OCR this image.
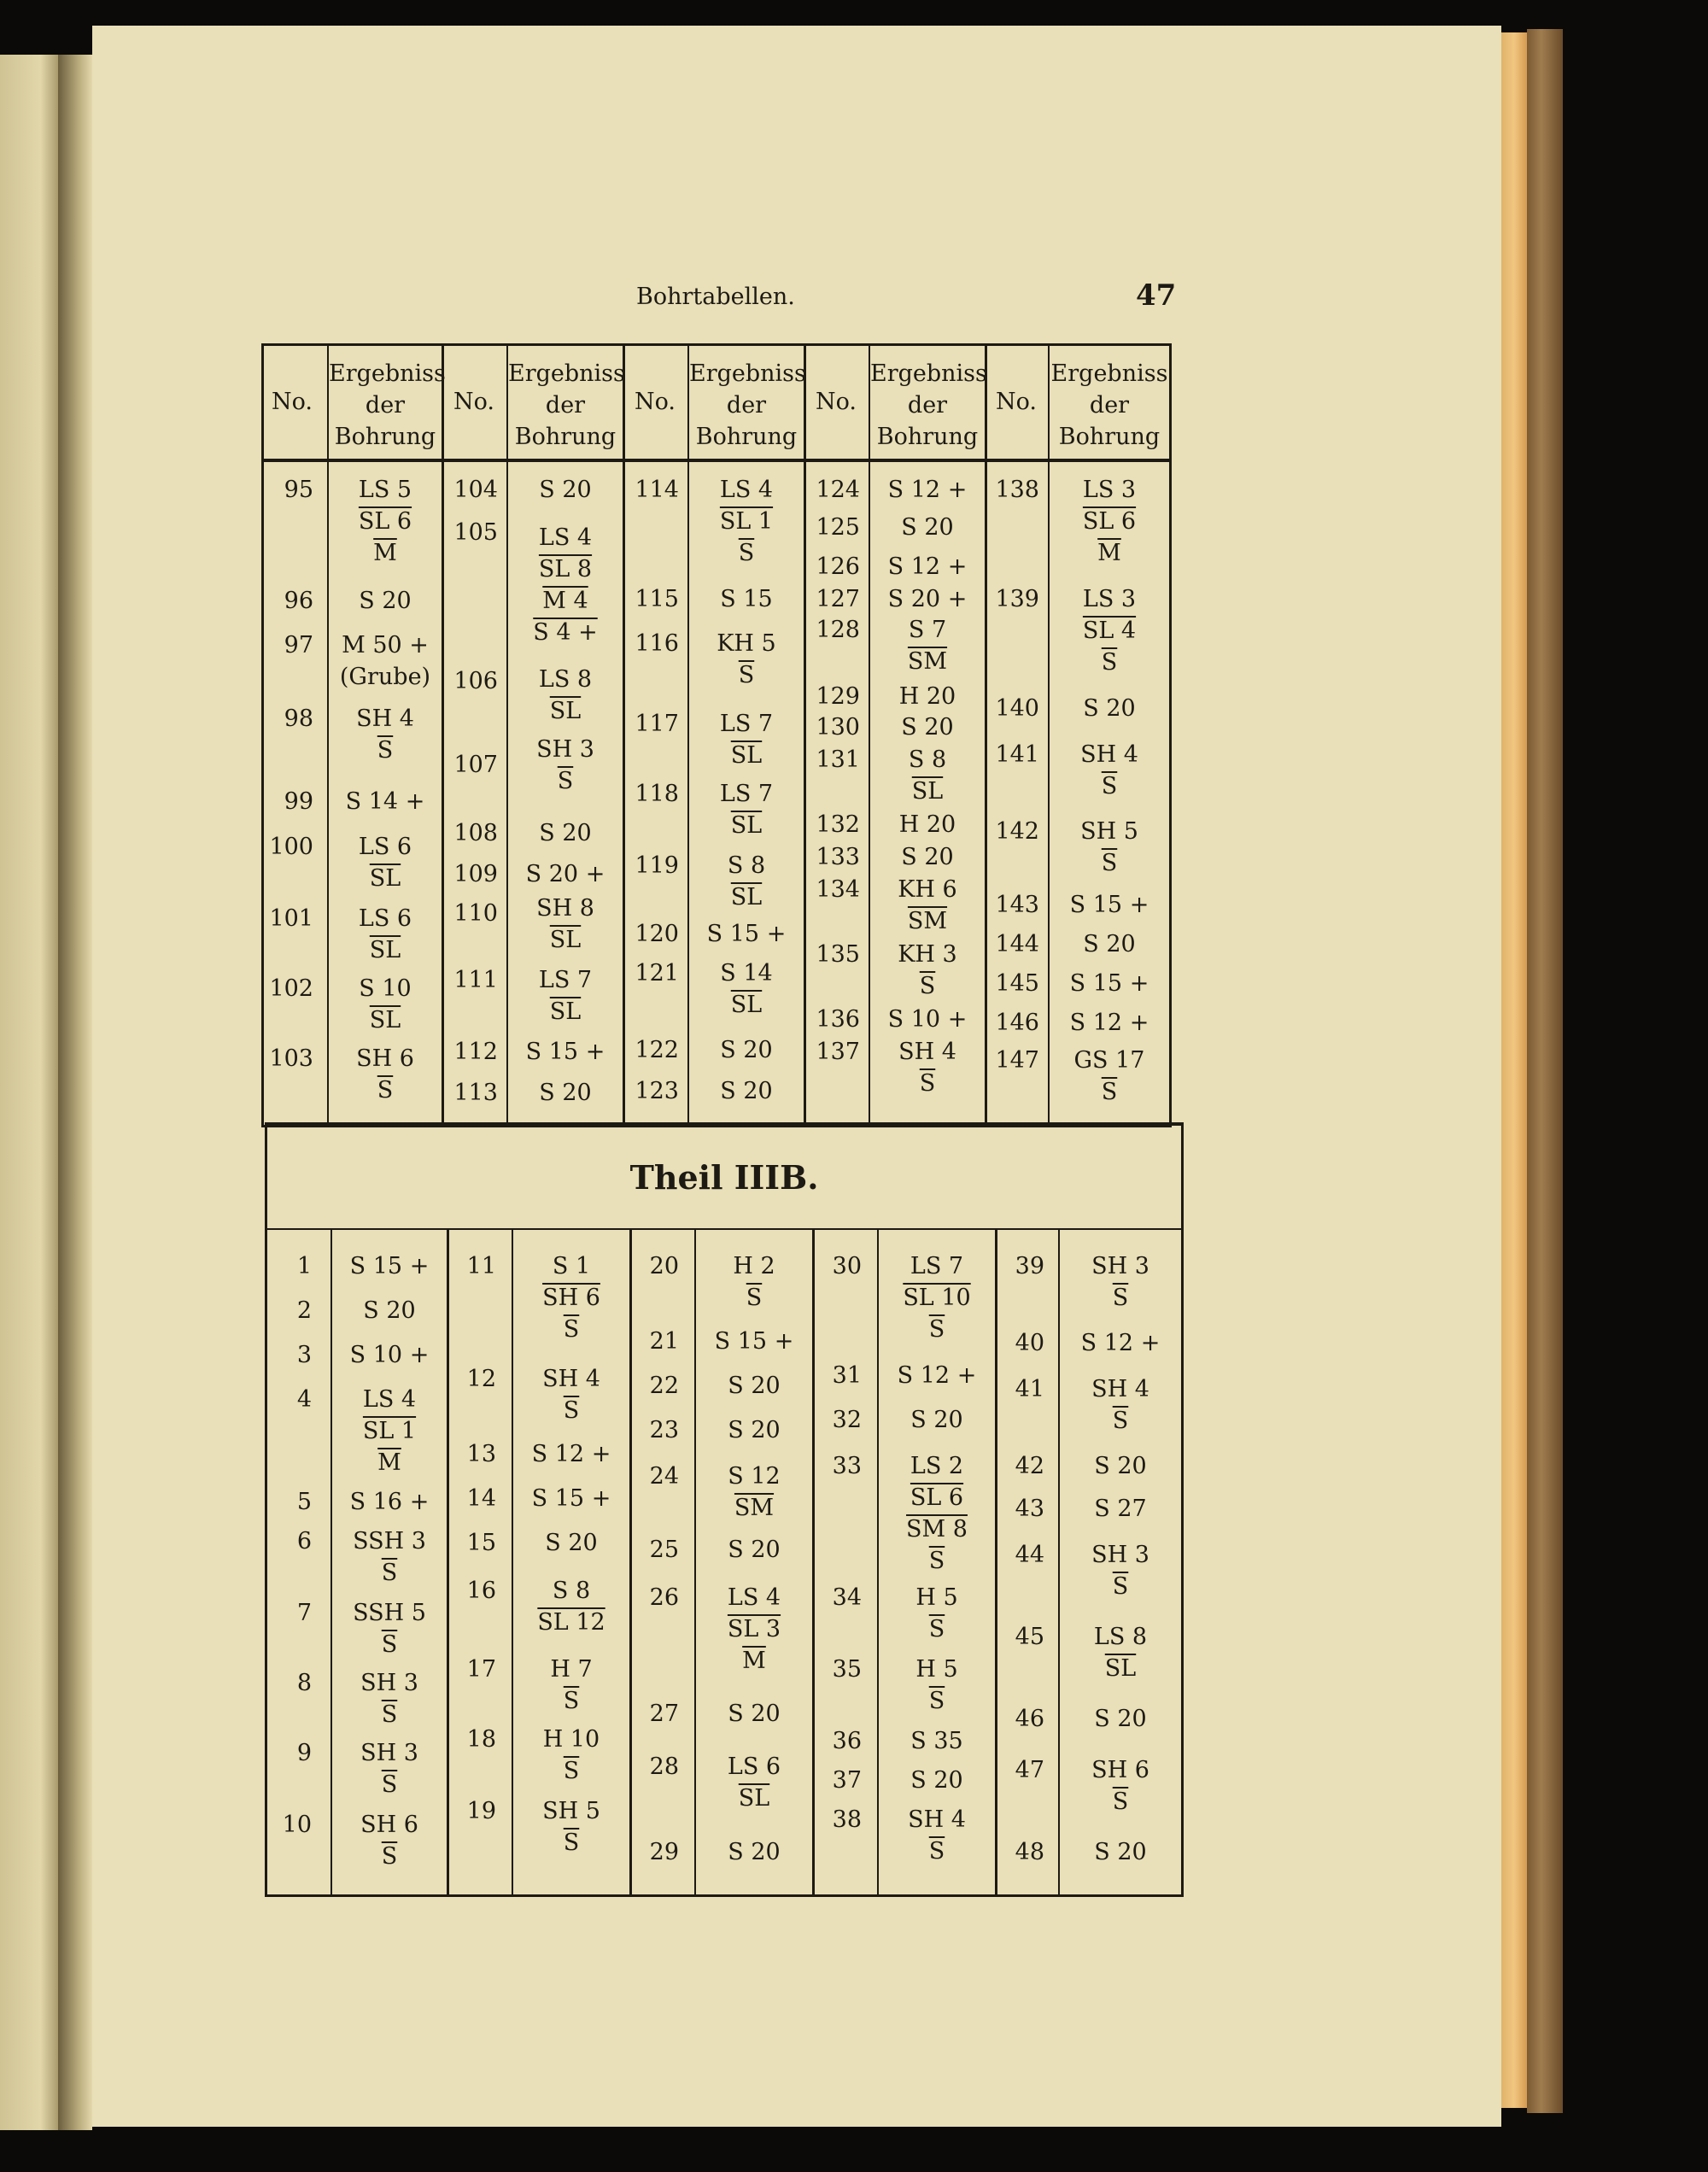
Bohrtabellen.	47
No.
Ergebniss
der
Bohrung
No.
Ergebniss
der
Bohrung
No.
Ergebniss
der
Bohrung
No.
Ergebniss
der
Bohrung
No.
Ergebniss
der
Bohrung
95
96
97
98
99
100
101
102
103
LS 5
SL 6
$\overline{M}$
S 20
M 50 +
(Grube)
SH 4
$\overline{S}$
S 14 +
LS 6
$\overline{SL}$
LS 6
$\overline{SL}$
S 10
$\overline{SL}$
SH 6
$\overline{S}$
104
105
106
107
108
109
110
111
112
113
S 20
LS 4
SL 8
M 4
S 4 +
LS 8
$\overline{SL}$
SH 3
$\overline{S}$
S 20
S 20 +
SH 8
$\overline{SL}$
LS 7
$\overline{SL}$
S 15 +
S 20
114
115
116
117
118
119
120
121
122
123
LS 4
SL 1
$\overline{S}$
S 15
KH 5
$\overline{S}$
LS 7
$\overline{SL}$
LS 7
$\overline{SL}$
S 8
$\overline{SL}$
S 15 +
S 14
$\overline{SL}$
S 20
S 20
124
125
126
127
128
129
130
131
132
133
134
135
136
137
S 12 +
S 20
S 12 +
S 20 +
S 7
$\overline{SM}$
H 20
S 20
S 8
$\overline{SL}$
H 20
S 20
KH 6
$\overline{SM}$
KH 3
$\overline{S}$
S 10 +
SH 4
$\overline{S}$
138
139
140
141
142
143
144
145
146
147
LS 3
SL 6
$\overline{M}$
LS 3
SL 4
$\overline{S}$
S 20
SH 4
$\overline{S}$
SH 5
$\overline{S}$
S 15 +
S 20
S 15 +
S 12 +
GS 17
$\overline{S}$
Theil IIIB.
1
2
3
4
5
6
7
8
9
10
S 15 +
S 20
S 10 +
LS 4
SL 1
$\overline{M}$
S 16 +
SSH 3
$\overline{S}$
SSH 5
$\overline{S}$
SH 3
$\overline{S}$
SH 3
$\overline{S}$
SH 6
$\overline{S}$
11
12
13
14
15
16
17
18
19
S 1
SH 6
$\overline{S}$
SH 4
$\overline{S}$
S 12 +
S 15 +
S 20
S 8
SL 12
H 7
$\overline{S}$
H 10
$\overline{S}$
SH 5
$\overline{S}$
20
21
22
23
24
25
26
27
28
29
H 2
$\overline{S}$
S 15 +
S 20
S 20
S 12
$\overline{SM}$
S 20
LS 4
SL 3
$\overline{M}$
S 20
LS 6
$\overline{SL}$
S 20
30
31
32
33
34
35
36
37
38
LS 7
SL 10
$\overline{S}$
S 12 +
S 20
LS 2
SL 6
SM 8
$\overline{S}$
H 5
$\overline{S}$
H 5
$\overline{S}$
S 35
S 20
SH 4
$\overline{S}$
39
40
41
42
43
44
45
46
47
48
SH 3
$\overline{S}$
S 12 +
SH 4
$\overline{S}$
S 20
S 27
SH 3
$\overline{S}$
LS 8
$\overline{SL}$
S 20
SH 6
$\overline{S}$
S 20
